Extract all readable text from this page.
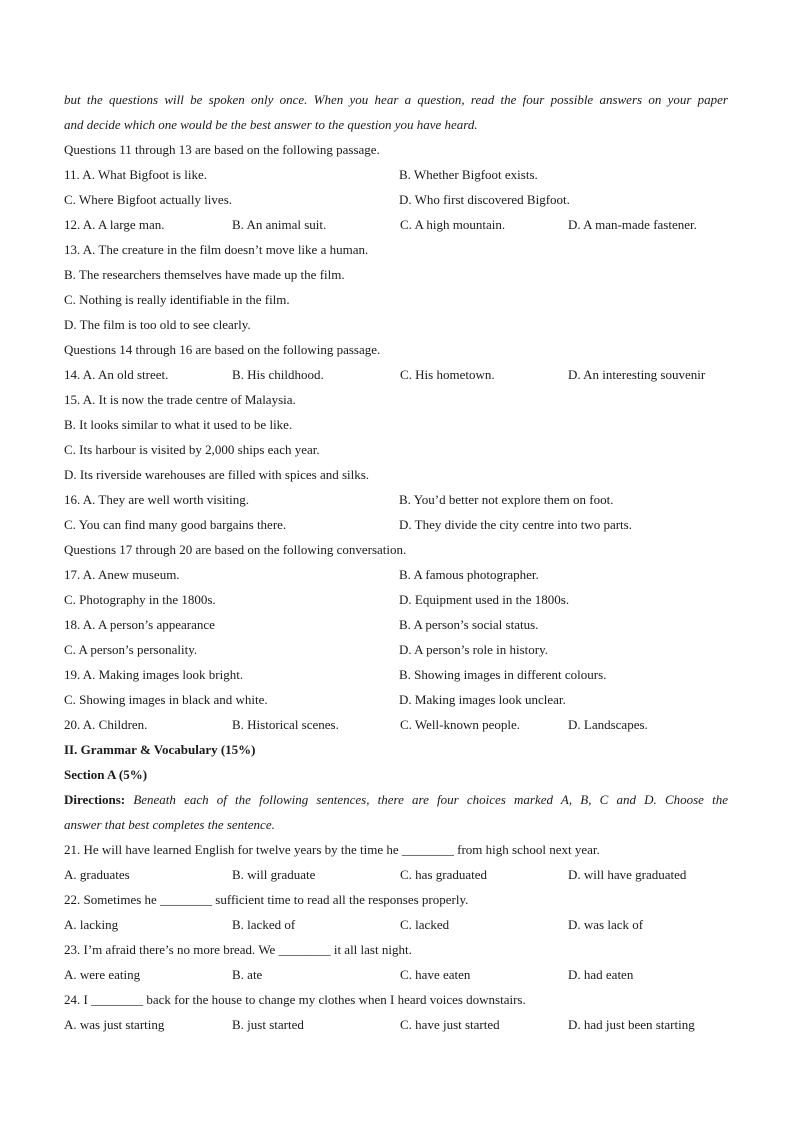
but the questions will be spoken only once. When you hear a question, read the four possible answers on your paper
and decide which one would be the best answer to the question you have heard.
Questions 11 through 13 are based on the following passage.
11. A. What Bigfoot is like.	B. Whether Bigfoot exists.
C. Where Bigfoot actually lives.	D. Who first discovered Bigfoot.
12. A. A large man.	B. An animal suit.	C. A high mountain.	D. A man-made fastener.
13. A. The creature in the film doesn’t move like a human.
B. The researchers themselves have made up the film.
C. Nothing is really identifiable in the film.
D. The film is too old to see clearly.
Questions 14 through 16 are based on the following passage.
14. A. An old street.	B. His childhood.	C. His hometown.	D. An interesting souvenir
15. A. It is now the trade centre of Malaysia.
B. It looks similar to what it used to be like.
C. Its harbour is visited by 2,000 ships each year.
D. Its riverside warehouses are filled with spices and silks.
16. A. They are well worth visiting.	B. You’d better not explore them on foot.
C. You can find many good bargains there.	D. They divide the city centre into two parts.
Questions 17 through 20 are based on the following conversation.
17. A. Anew museum.	B. A famous photographer.
C. Photography in the 1800s.	D. Equipment used in the 1800s.
18. A. A person’s appearance	B. A person’s social status.
C. A person’s personality.	D. A person’s role in history.
19. A. Making images look bright.	B. Showing images in different colours.
C. Showing images in black and white.	D. Making images look unclear.
20. A. Children.	B. Historical scenes.	C. Well-known people.	D. Landscapes.
II. Grammar & Vocabulary (15%)
Section A (5%)
Directions: Beneath each of the following sentences, there are four choices marked A, B, C and D. Choose the
answer that best completes the sentence.
21. He will have learned English for twelve years by the time he ________ from high school next year.
A. graduates	B. will graduate	C. has graduated	D. will have graduated
22. Sometimes he ________ sufficient time to read all the responses properly.
A. lacking	B. lacked of	C. lacked	D. was lack of
23. I’m afraid there’s no more bread. We ________ it all last night.
A. were eating	B. ate	C. have eaten	D. had eaten
24. I ________ back for the house to change my clothes when I heard voices downstairs.
A. was just starting	B. just started	C. have just started	D. had just been starting
